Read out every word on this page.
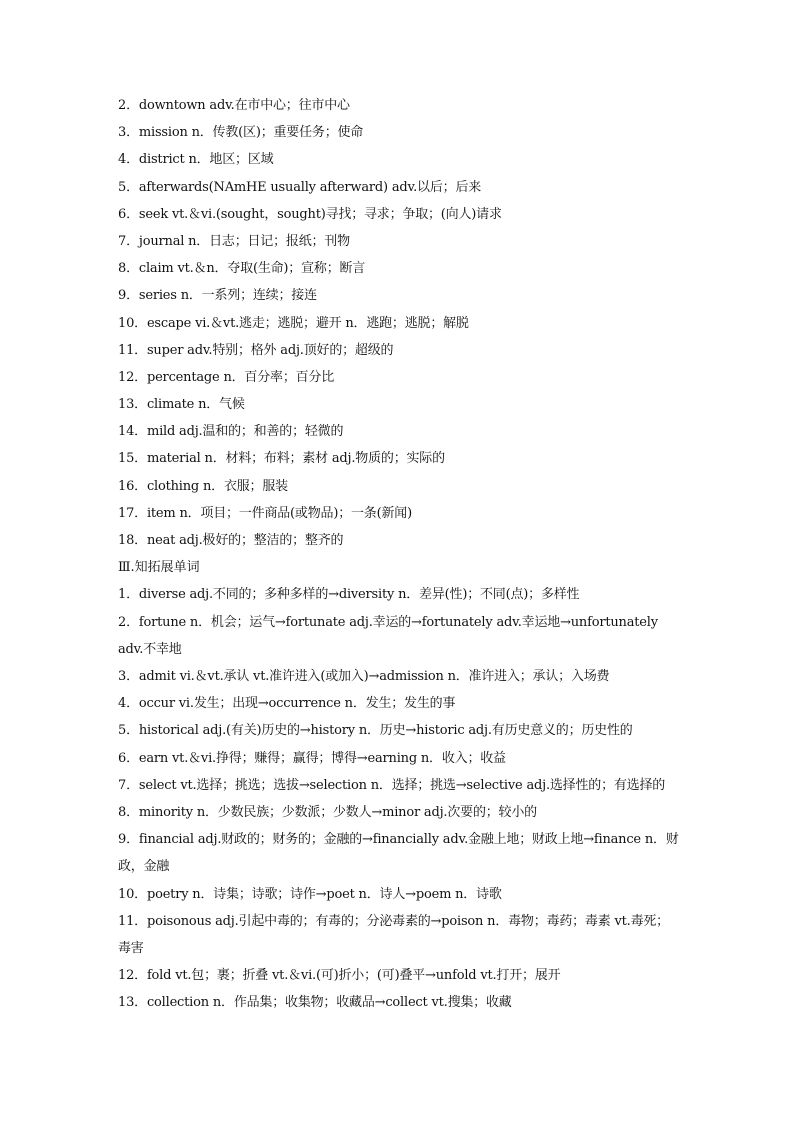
2．downtown adv.在市中心；往市中心
3．mission n．传教(区)；重要任务；使命
4．district n．地区；区域
5．afterwards(NAmHE usually afterward) adv.以后；后来
6．seek vt.＆vi.(sought，sought)寻找；寻求；争取；(向人)请求
7．journal n．日志；日记；报纸；刊物
8．claim vt.＆n．夺取(生命)；宣称；断言
9．series n．一系列；连续；接连
10．escape vi.＆vt.逃走；逃脱；避开 n．逃跑；逃脱；解脱
11．super adv.特别；格外 adj.顶好的；超级的
12．percentage n．百分率；百分比
13．climate n．气候
14．mild adj.温和的；和善的；轻微的
15．material n．材料；布料；素材 adj.物质的；实际的
16．clothing n．衣服；服装
17．item n．项目；一件商品(或物品)；一条(新闻)
18．neat adj.极好的；整洁的；整齐的
Ⅲ.知拓展单词
1．diverse adj.不同的；多种多样的→diversity n．差异(性)；不同(点)；多样性
2．fortune n．机会；运气→fortunate adj.幸运的→fortunately adv.幸运地→unfortunately adv.不幸地
3．admit vi.＆vt.承认 vt.准许进入(或加入)→admission n．准许进入；承认；入场费
4．occur vi.发生；出现→occurrence n．发生；发生的事
5．historical adj.(有关)历史的→history n．历史→historic adj.有历史意义的；历史性的
6．earn vt.＆vi.挣得；赚得；赢得；博得→earning n．收入；收益
7．select vt.选择；挑选；选拔→selection n．选择；挑选→selective adj.选择性的；有选择的
8．minority n．少数民族；少数派；少数人→minor adj.次要的；较小的
9．financial adj.财政的；财务的；金融的→financially adv.金融上地；财政上地→finance n．财政，金融
10．poetry n．诗集；诗歌；诗作→poet n．诗人→poem n．诗歌
11．poisonous adj.引起中毒的；有毒的；分泌毒素的→poison n．毒物；毒药；毒素 vt.毒死；毒害
12．fold vt.包；裹；折叠 vt.＆vi.(可)折小；(可)叠平→unfold vt.打开；展开
13．collection n．作品集；收集物；收藏品→collect vt.搜集；收藏
